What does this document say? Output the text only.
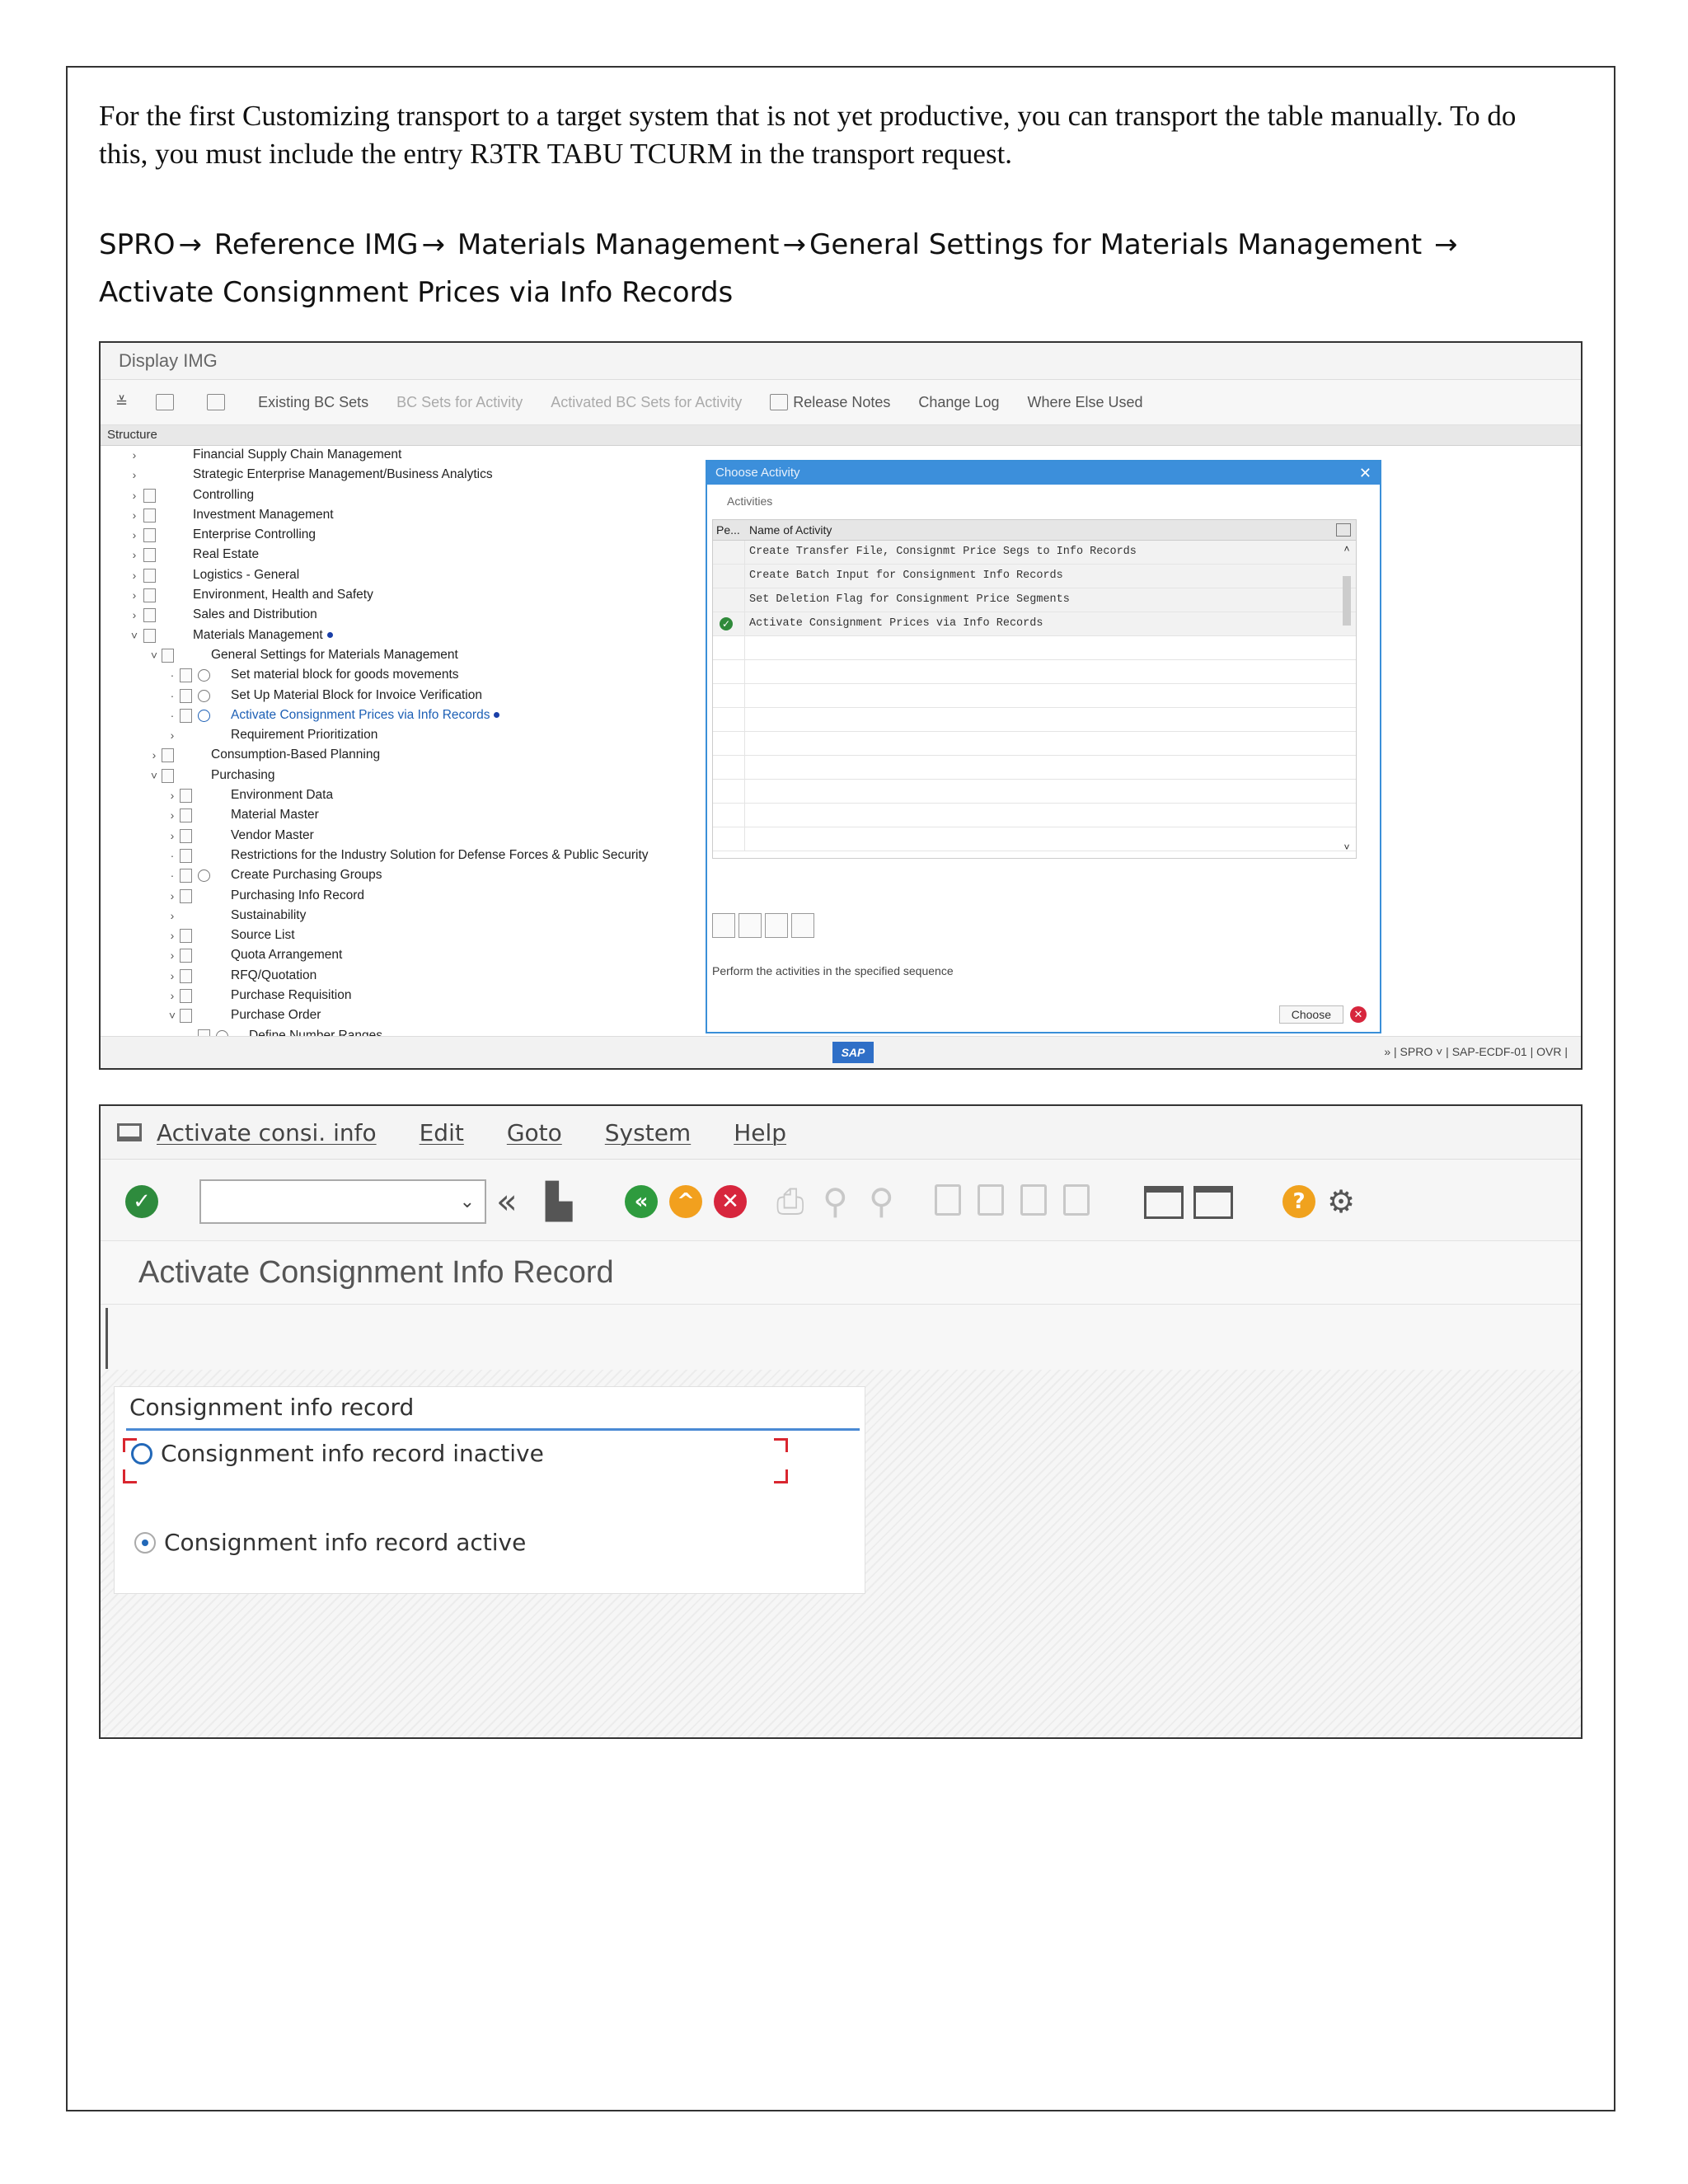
For the first Customizing transport to a target system that is not yet productive, you can transport the table manually. To do this, you must include the entry R3TR TABU TCURM in the transport request.
SPRO → Reference IMG → Materials Management → General Settings for Materials Management → Activate Consignment Prices via Info Records
Display IMG
≚	Existing BC Sets BC Sets for Activity Activated BC Sets for Activity	Release Notes Change Log Where Else Used
Structure
›	Financial Supply Chain Management
›	Strategic Enterprise Management/Business Analytics
›	Controlling
›	Investment Management
›	Enterprise Controlling
›	Real Estate
›	Logistics - General
›	Environment, Health and Safety
›	Sales and Distribution
˅	Materials Management
˅	General Settings for Materials Management
·	Set material block for goods movements
·	Set Up Material Block for Invoice Verification
·	Activate Consignment Prices via Info Records
›	Requirement Prioritization
›	Consumption-Based Planning
˅	Purchasing
›	Environment Data
›	Material Master
›	Vendor Master
·	Restrictions for the Industry Solution for Defense Forces & Public Security
·	Create Purchasing Groups
›	Purchasing Info Record
›	Sustainability
›	Source List
›	Quota Arrangement
›	RFQ/Quotation
›	Purchase Requisition
˅	Purchase Order
Choose Activity	✕
Activities
Pe... Name of Activity
Create Transfer File, Consignmt Price Segs to Info Records
Create Batch Input for Consignment Info Records
Set Deletion Flag for Consignment Price Segments
✓ Activate Consignment Prices via Info Records
˄
˅
Perform the activities in the specified sequence
Choose	✕
SAP	» | SPRO ˅ | SAP-ECDF-01 | OVR |
Activate consi. info Edit Goto System Help
✓	⌄ « ▙	«	^	✕ ⎙ ⚲ ⚲	? ⚙
Activate Consignment Info Record
Consignment info record
Consignment info record inactive
Consignment info record active
